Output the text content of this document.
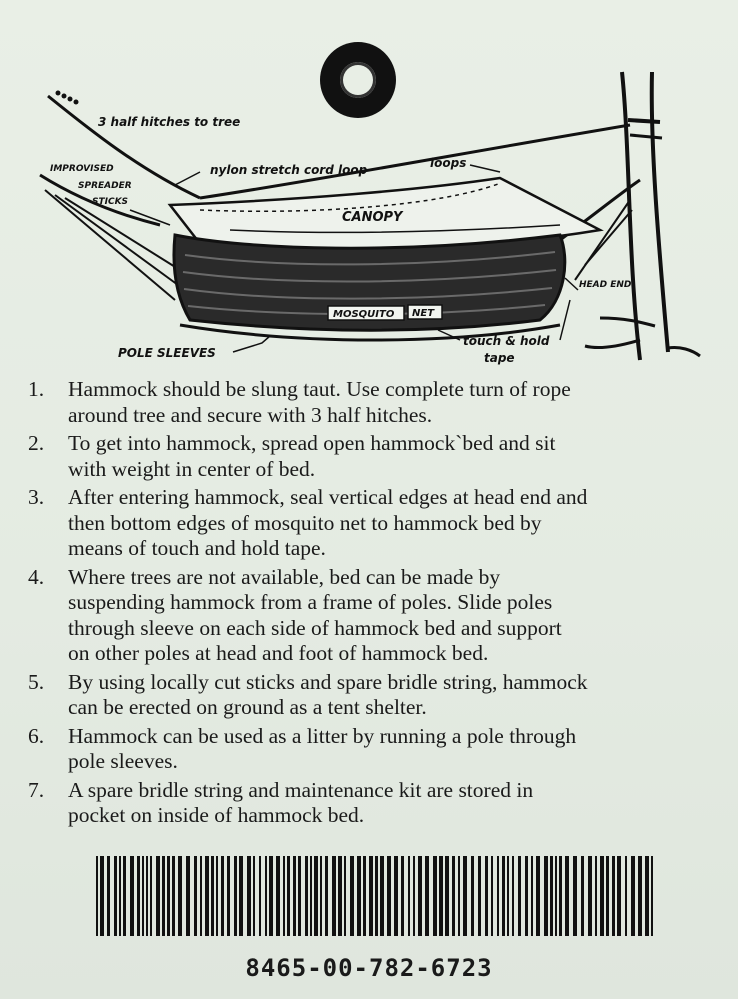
MOSQUITO NET
3 half hitches to tree
IMPROVISED
SPREADER
STICKS
nylon stretch cord loop	loops
CANOPY
HEAD END
POLE SLEEVES
touch & hold
tape
1.	Hammock should be slung taut. Use complete turn of rope
around tree and secure with 3 half hitches.
2.	To get into hammock, spread open hammock`bed and sit
with weight in center of bed.
3.	After entering hammock, seal vertical edges at head end and
then bottom edges of mosquito net to hammock bed by
means of touch and hold tape.
4.	Where trees are not available, bed can be made by
suspending hammock from a frame of poles. Slide poles
through sleeve on each side of hammock bed and support
on other poles at head and foot of hammock bed.
5.	By using locally cut sticks and spare bridle string, hammock
can be erected on ground as a tent shelter.
6.	Hammock can be used as a litter by running a pole through
pole sleeves.
7.	A spare bridle string and maintenance kit are stored in
pocket on inside of hammock bed.
8465-00-782-6723
